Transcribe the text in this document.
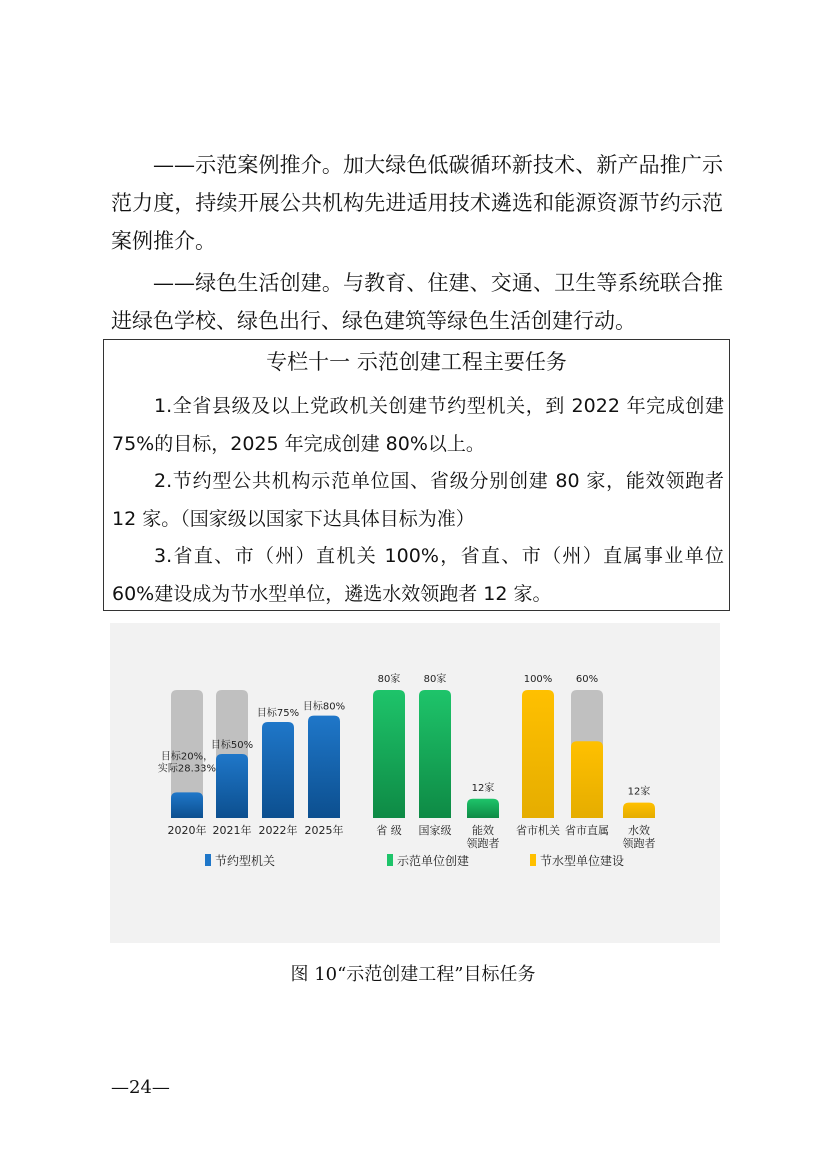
——示范案例推介。加大绿色低碳循环新技术、新产品推广示范力度，持续开展公共机构先进适用技术遴选和能源资源节约示范案例推介。

——绿色生活创建。与教育、住建、交通、卫生等系统联合推进绿色学校、绿色出行、绿色建筑等绿色生活创建行动。

专栏十一 示范创建工程主要任务

1.全省县级及以上党政机关创建节约型机关，到 2022 年完成创建 75%的目标，2025 年完成创建 80%以上。

2.节约型公共机构示范单位国、省级分别创建 80 家，能效领跑者 12 家。（国家级以国家下达具体目标为准）

3.省直、市（州）直机关 100%，省直、市（州）直属事业单位 60%建设成为节水型单位，遴选水效领跑者 12 家。

目标20%，
实际28.33%
2020年
目标50%
2021年
目标75%
2022年
目标80%
2025年
节约型机关
80家
省 级
80家
国家级
12家
能效
领跑者
示范单位创建
100%
省市机关
60%
省市直属
12家
水效
领跑者
节水型单位建设
图 10“示范创建工程”目标任务
—24—
